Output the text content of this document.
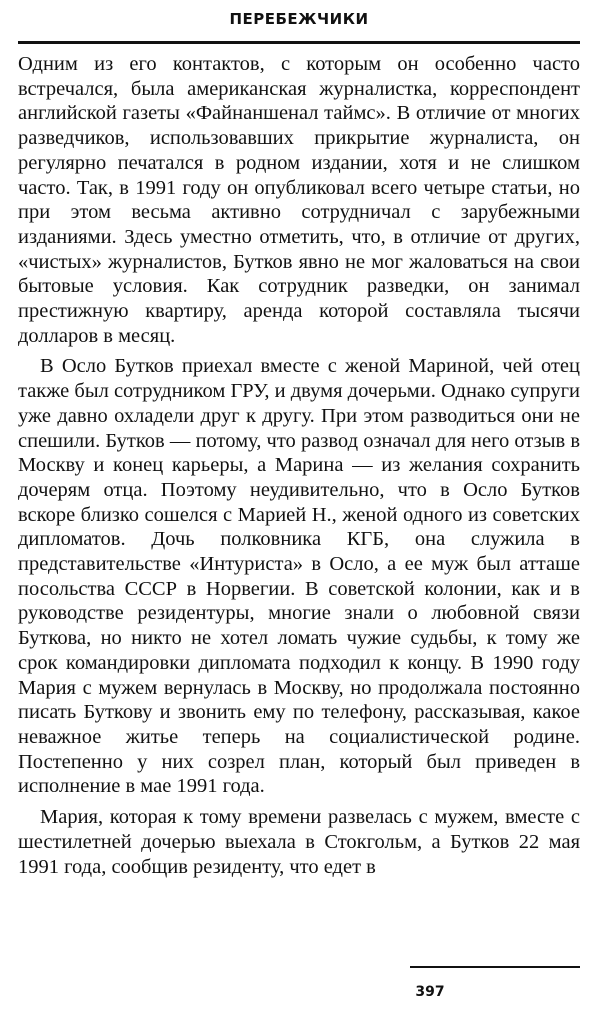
ПЕРЕБЕЖЧИКИ

Одним из его контактов, с которым он особенно часто встречался, была американская журналистка, корреспондент английской газеты «Файнаншенал таймс». В отличие от многих разведчиков, использовавших прикрытие журналиста, он регулярно печатался в родном издании, хотя и не слишком часто. Так, в 1991 году он опубликовал всего четыре статьи, но при этом весьма активно сотрудничал с зарубежными изданиями. Здесь уместно отметить, что, в отличие от других, «чистых» журналистов, Бутков явно не мог жаловаться на свои бытовые условия. Как сотрудник разведки, он занимал престижную квартиру, аренда которой составляла тысячи долларов в месяц.

В Осло Бутков приехал вместе с женой Мариной, чей отец также был сотрудником ГРУ, и двумя дочерьми. Однако супруги уже давно охладели друг к другу. При этом разводиться они не спешили. Бутков — потому, что развод означал для него отзыв в Москву и конец карьеры, а Марина — из желания сохранить дочерям отца. Поэтому неудивительно, что в Осло Бутков вскоре близко сошелся с Марией Н., женой одного из советских дипломатов. Дочь полковника КГБ, она служила в представительстве «Интуриста» в Осло, а ее муж был атташе посольства СССР в Норвегии. В советской колонии, как и в руководстве резидентуры, многие знали о любовной связи Буткова, но никто не хотел ломать чужие судьбы, к тому же срок командировки дипломата подходил к концу. В 1990 году Мария с мужем вернулась в Москву, но продолжала постоянно писать Буткову и звонить ему по телефону, рассказывая, какое неважное житье теперь на социалистической родине. Постепенно у них созрел план, который был приведен в исполнение в мае 1991 года.

Мария, которая к тому времени развелась с мужем, вместе с шестилетней дочерью выехала в Стокгольм, а Бутков 22 мая 1991 года, сообщив резиденту, что едет в

397
